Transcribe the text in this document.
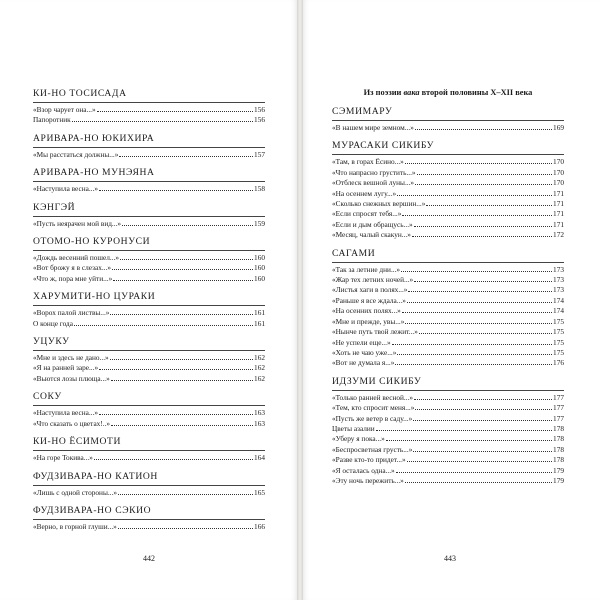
КИ-НО ТОСИСАДА
«Взор чарует она...»	156
Папоротник	156
АРИВАРА-НО ЮКИХИРА
«Мы расстаться должны...»	157
АРИВАРА-НО МУНЭЯНА
«Наступила весна...»	158
КЭНГЭЙ
«Пусть неярачен мой вид...»	159
ОТОМО-НО КУРОНУСИ
«Дождь весенний пошел...»	160
«Вот брожу я в слезах...»	160
«Что ж, пора мне уйти...»	160
ХАРУМИТИ-НО ЦУРАКИ
«Ворох палой листвы...»	161
О конце года	161
УЦУКУ
«Мне и здесь не дано...»	162
«Я на ранней заре...»	162
«Вьются лозы плюща...»	162
СОКУ
«Наступила весна...»	163
«Что сказать о цветах!..»	163
КИ-НО ЁСИМОТИ
«На горе Токива...»	164
ФУДЗИВАРА-НО КАТИОН
«Лишь с одной стороны...»	165
ФУДЗИВАРА-НО СЭКИО
«Верно, в горной глуши...»	166
Из поэзии вака второй половины X–XII века
СЭМИМАРУ
«В нашем мире земном...»	169
МУРАСАКИ СИКИБУ
«Там, в горах Ёсино...»	170
«Что напрасно грустить...»	170
«Отблеск вешной луны...»	170
«На осеннем лугу...»	171
«Сколько снежных вершин...»	171
«Если спросят тебя...»	171
«Если и дым обращусь...»	171
«Месяц, чалый скакун...»	172
САГАМИ
«Так за летние дни...»	173
«Жар тех летних ночей...»	173
«Листья хаги в полях...»	173
«Раньше я все ждала...»	174
«На осенних полях...»	174
«Мне и прежде, увы...»	175
«Нынче путь твой лежит...»	175
«Не успели еще...»	175
«Хоть не чаю уже...»	175
«Вот не думала я...»	176
ИДЗУМИ СИКИБУ
«Только ранней весной...»	177
«Тем, кто спросит меня...»	177
«Пусть же ветер в саду...»	177
Цветы азалии	178
«Уберу я пока...»	178
«Беспросветная грусть...»	178
«Разве кто-то придет...»	178
«Я осталась одна...»	179
«Эту ночь пережить...»	179
442	443
